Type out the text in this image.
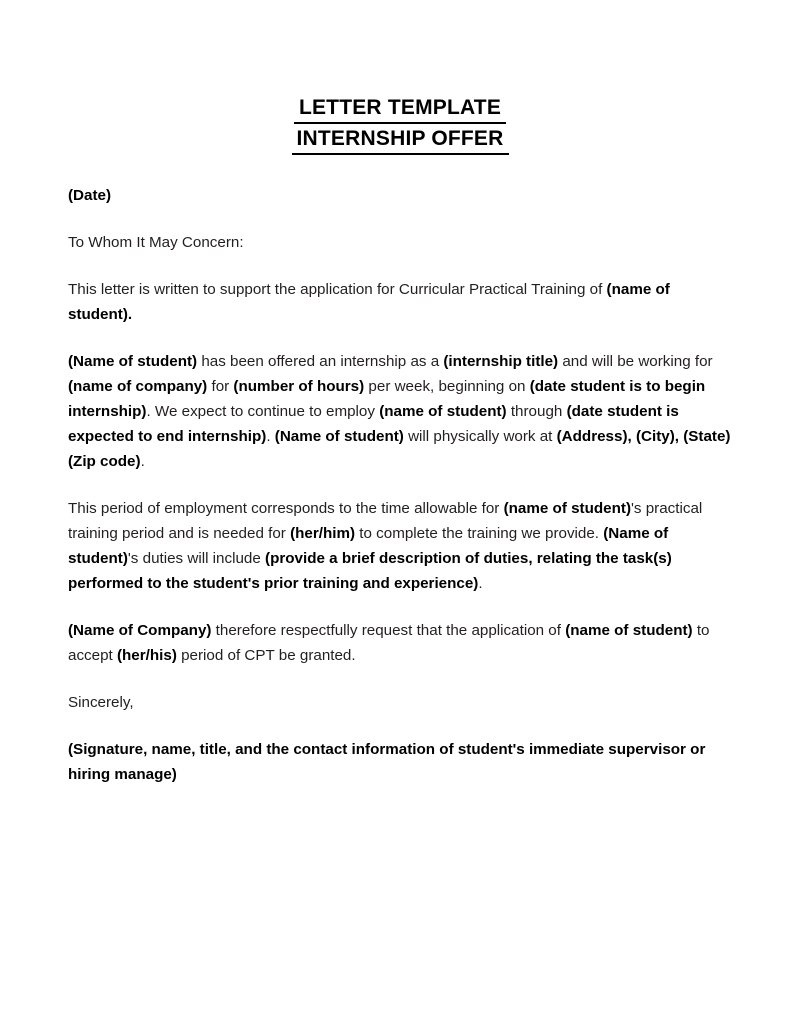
LETTER TEMPLATE
INTERNSHIP OFFER

(Date)

To Whom It May Concern:

This letter is written to support the application for Curricular Practical Training of (name of student).

(Name of student) has been offered an internship as a (internship title) and will be working for (name of company) for (number of hours) per week, beginning on (date student is to begin internship). We expect to continue to employ (name of student) through (date student is expected to end internship). (Name of student) will physically work at (Address), (City), (State) (Zip code).

This period of employment corresponds to the time allowable for (name of student)'s practical training period and is needed for (her/him) to complete the training we provide. (Name of student)'s duties will include (provide a brief description of duties, relating the task(s) performed to the student's prior training and experience).

(Name of Company) therefore respectfully request that the application of (name of student) to accept (her/his) period of CPT be granted.

Sincerely,

(Signature, name, title, and the contact information of student's immediate supervisor or hiring manage)
